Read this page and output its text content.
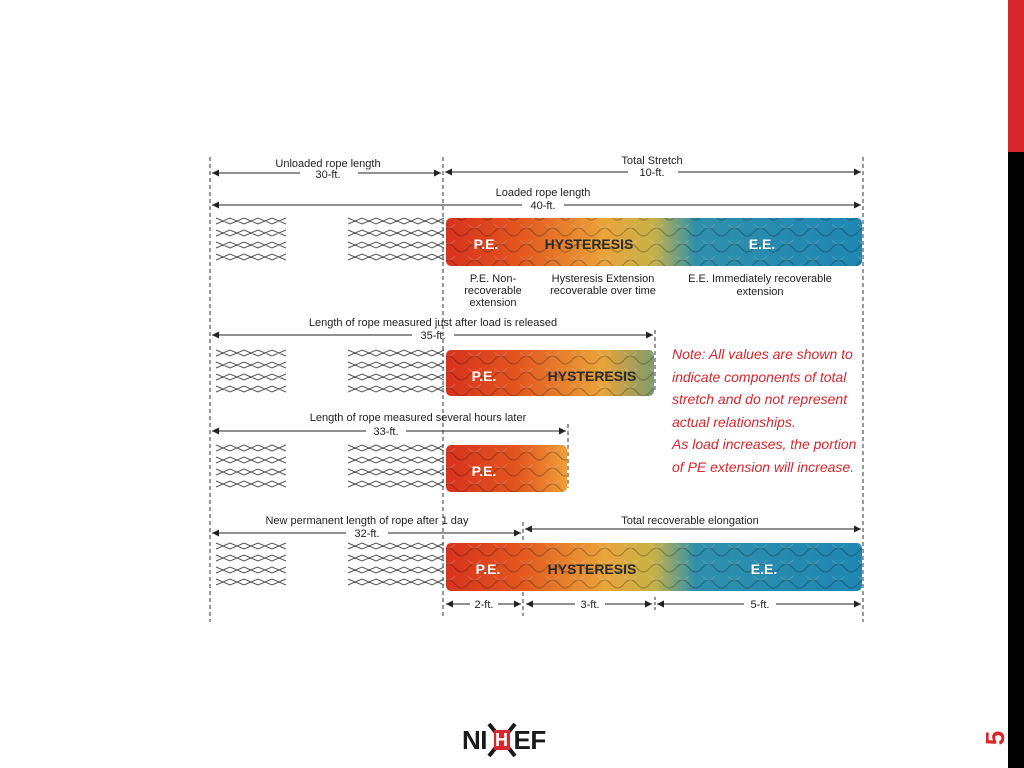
5
Unloaded rope length
30-ft.
Total Stretch
10-ft.
Loaded rope length
40-ft.
P.E.	HYSTERESIS	E.E.
P.E. Non-
recoverable
extension
Hysteresis Extension
recoverable over time
E.E. Immediately recoverable
extension
Length of rope measured just after load is released
35-ft.
P.E.	HYSTERESIS
Length of rope measured several hours later
33-ft.
P.E.
New permanent length of rope after 1 day
32-ft.
Total recoverable elongation
P.E.	HYSTERESIS	E.E.
2-ft.	3-ft.	5-ft.
Note: All values are shown to
indicate components of total
stretch and do not represent
actual relationships.
As load increases, the portion
of PE extension will increase.
NI H EF
